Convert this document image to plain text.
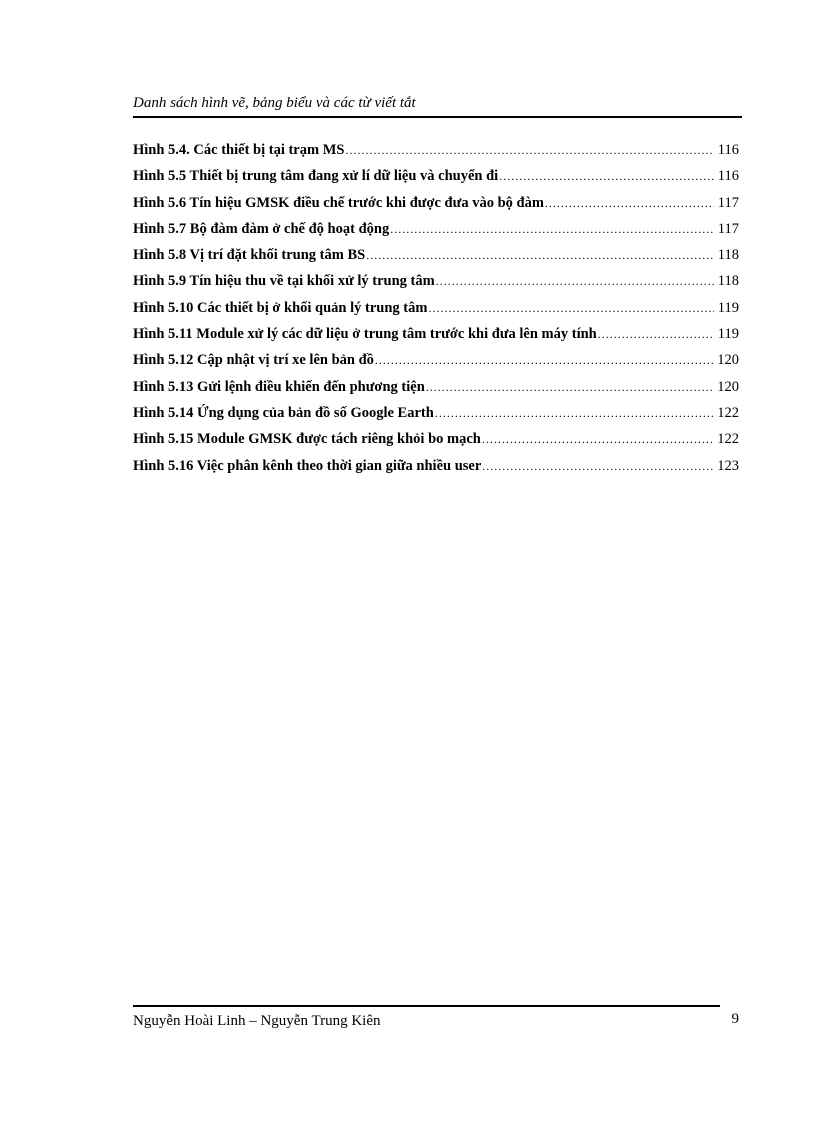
Danh sách hình vẽ, bảng biểu và các từ viết tắt
Hình 5.4. Các thiết bị tại trạm MS .....	116
Hình 5.5 Thiết bị trung tâm đang xử lí dữ liệu và chuyển đi .....	116
Hình 5.6 Tín hiệu GMSK điều chế trước khi được đưa vào bộ đàm .....	117
Hình 5.7 Bộ đàm đàm ở chế độ hoạt động .....	117
Hình 5.8 Vị trí đặt khối trung tâm BS .....	118
Hình 5.9 Tín hiệu thu về tại khối xử lý trung tâm .....	118
Hình 5.10 Các thiết bị ở khối quản lý trung tâm .....	119
Hình 5.11 Module xử lý các dữ liệu ở trung tâm trước khi đưa lên máy tính .....	119
Hình 5.12 Cập nhật vị trí xe lên bản đồ .....	120
Hình 5.13 Gửi lệnh điều khiển đến phương tiện .....	120
Hình 5.14 Ứng dụng của bản đồ số Google Earth .....	122
Hình 5.15 Module GMSK được tách riêng khỏi bo mạch .....	122
Hình 5.16 Việc phân kênh theo thời gian giữa nhiều user .....	123
Nguyễn Hoài Linh – Nguyễn Trung Kiên	9
